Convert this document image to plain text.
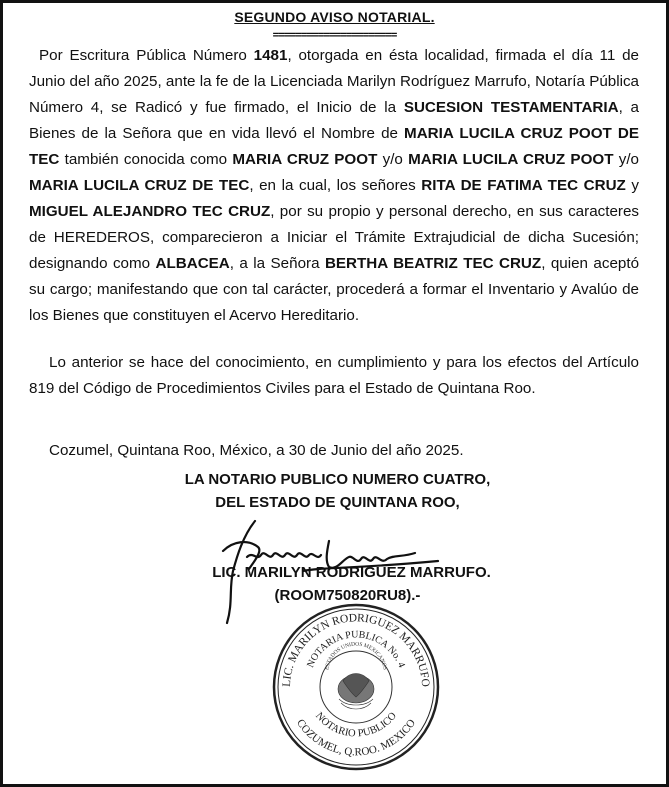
SEGUNDO AVISO NOTARIAL.
======================

Por Escritura Pública Número 1481, otorgada en ésta localidad, firmada el día 11 de Junio del año 2025, ante la fe de la Licenciada Marilyn Rodríguez Marrufo, Notaría Pública Número 4, se Radicó y fue firmado, el Inicio de la SUCESION TESTAMENTARIA, a Bienes de la Señora que en vida llevó el Nombre de MARIA LUCILA CRUZ POOT DE TEC también conocida como MARIA CRUZ POOT y/o MARIA LUCILA CRUZ POOT y/o MARIA LUCILA CRUZ DE TEC, en la cual, los señores RITA DE FATIMA TEC CRUZ y MIGUEL ALEJANDRO TEC CRUZ, por su propio y personal derecho, en sus caracteres de HEREDEROS, comparecieron a Iniciar el Trámite Extrajudicial de dicha Sucesión; designando como ALBACEA, a la Señora BERTHA BEATRIZ TEC CRUZ, quien aceptó su cargo; manifestando que con tal carácter, procederá a formar el Inventario y Avalúo de los Bienes que constituyen el Acervo Hereditario.

Lo anterior se hace del conocimiento, en cumplimiento y para los efectos del Artículo 819 del Código de Procedimientos Civiles para el Estado de Quintana Roo.

Cozumel, Quintana Roo, México, a 30 de Junio del año 2025.

LA NOTARIO PUBLICO NUMERO CUATRO,
DEL ESTADO DE QUINTANA ROO,
LIC. MARILYN RODRIGUEZ MARRUFO.
(ROOM750820RU8).-
LIC. MARILYN RODRIGUEZ MARRUFO
NOTARIA PUBLICA No. 4
ESTADOS UNIDOS MEXICANOS
NOTARIO PUBLICO
COZUMEL, Q.ROO. MEXICO
